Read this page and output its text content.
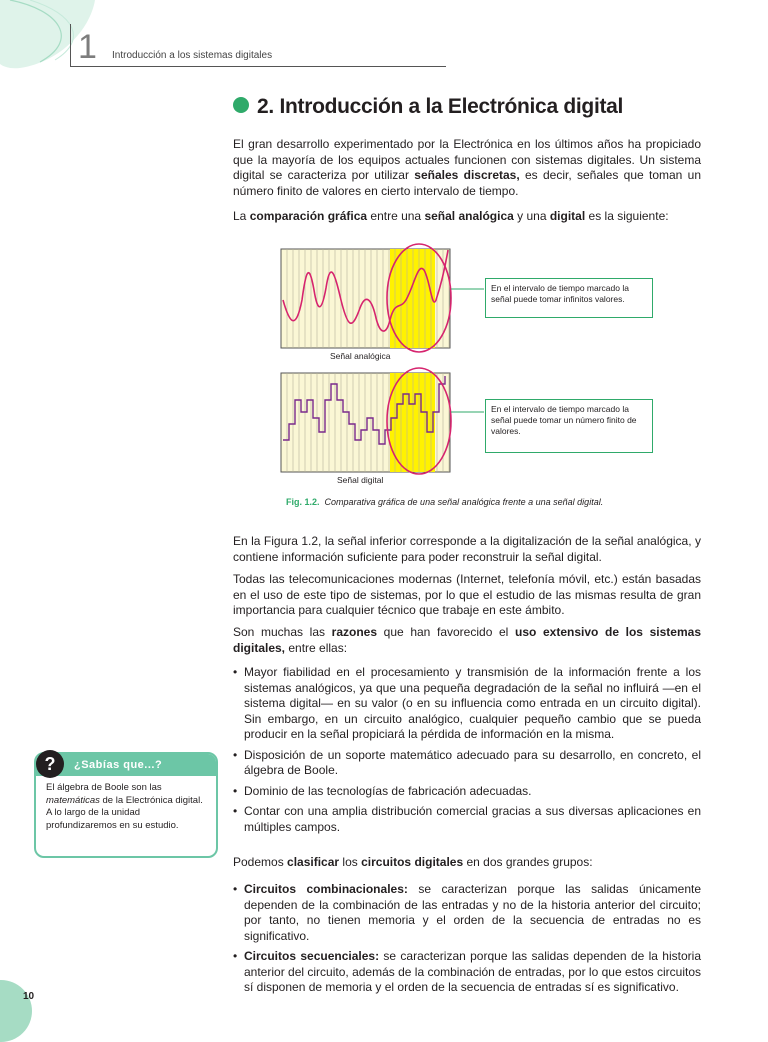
1 Introducción a los sistemas digitales
2. Introducción a la Electrónica digital

El gran desarrollo experimentado por la Electrónica en los últimos años ha propiciado que la mayoría de los equipos actuales funcionen con sistemas digitales. Un sistema digital se caracteriza por utilizar señales discretas, es decir, señales que toman un número finito de valores en cierto intervalo de tiempo.

La comparación gráfica entre una señal analógica y una digital es la siguiente:

En el intervalo de tiempo marcado la señal puede tomar infinitos valores.
En el intervalo de tiempo marcado la señal puede tomar un número finito de valores.
Señal analógica
Señal digital
Fig. 1.2. Comparativa gráfica de una señal analógica frente a una señal digital.

En la Figura 1.2, la señal inferior corresponde a la digitalización de la señal analógica, y contiene información suficiente para poder reconstruir la señal digital.

Todas las telecomunicaciones modernas (Internet, telefonía móvil, etc.) están basadas en el uso de este tipo de sistemas, por lo que el estudio de las mismas resulta de gran importancia para cualquier técnico que trabaje en este ámbito.

Son muchas las razones que han favorecido el uso extensivo de los sistemas digitales, entre ellas:

• Mayor fiabilidad en el procesamiento y transmisión de la información frente a los sistemas analógicos, ya que una pequeña degradación de la señal no influirá —en el sistema digital— en su valor (o en su influencia como entrada en un circuito digital). Sin embargo, en un circuito analógico, cualquier pequeño cambio que se pueda producir en la señal propiciará la pérdida de información en la misma.
• Disposición de un soporte matemático adecuado para su desarrollo, en concreto, el álgebra de Boole.
• Dominio de las tecnologías de fabricación adecuadas.
• Contar con una amplia distribución comercial gracias a sus diversas aplicaciones en múltiples campos.

Podemos clasificar los circuitos digitales en dos grandes grupos:

• Circuitos combinacionales: se caracterizan porque las salidas únicamente dependen de la combinación de las entradas y no de la historia anterior del circuito; por tanto, no tienen memoria y el orden de la secuencia de entradas no es significativo.
• Circuitos secuenciales: se caracterizan porque las salidas dependen de la historia anterior del circuito, además de la combinación de entradas, por lo que estos circuitos sí disponen de memoria y el orden de la secuencia de entradas sí es significativo.
¿Sabías que...?
El álgebra de Boole son las matemáticas de la Electrónica digital. A lo largo de la unidad profundizaremos en su estudio.
?
10
